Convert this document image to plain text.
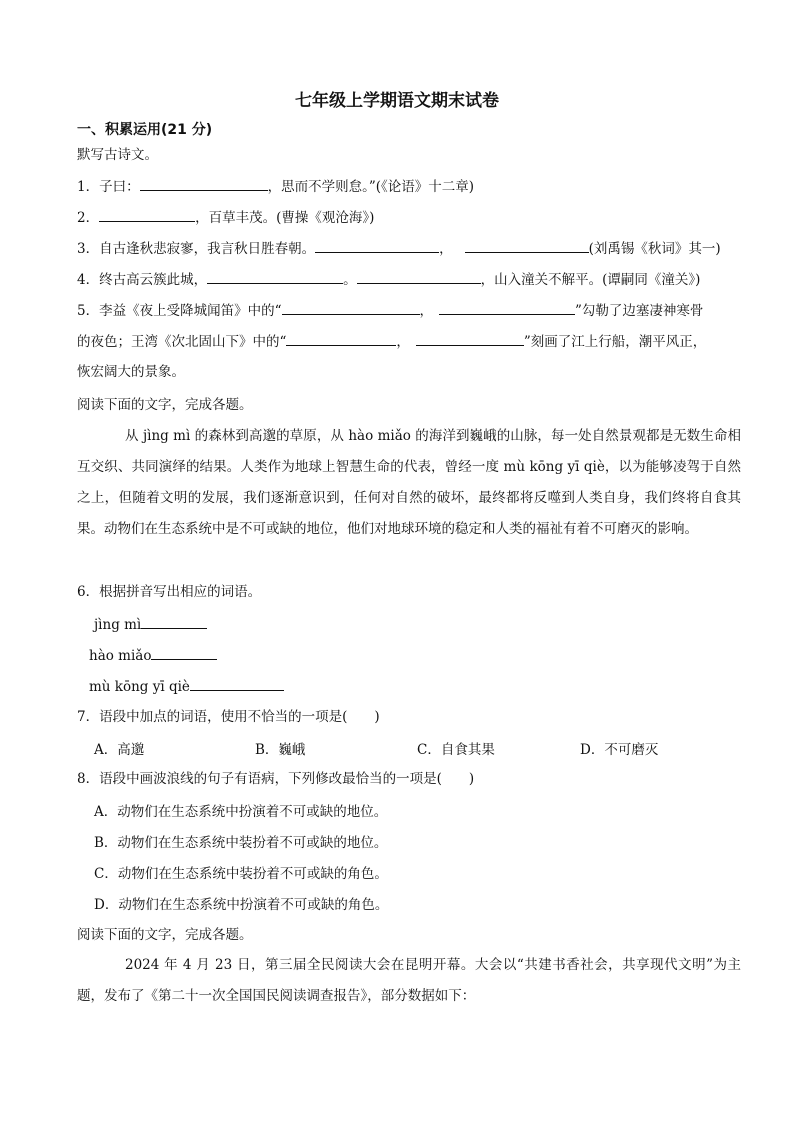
七年级上学期语文期末试卷
一、积累运用(21 分)
默写古诗文。
1．子曰：	，思而不学则怠。”(《论语》十二章)
2．	，百草丰茂。(曹操《观沧海》)
3．自古逢秋悲寂寥，我言秋日胜春朝。	，	(刘禹锡《秋词》其一)
4．终古高云簇此城，	。	，山入潼关不解平。(谭嗣同《潼关》)
5．李益《夜上受降城闻笛》中的“	，	”勾勒了边塞凄神寒骨
的夜色；王湾《次北固山下》中的“	，	”刻画了江上行船，潮平风正，
恢宏阔大的景象。
阅读下面的文字，完成各题。
从 jìng mì 的森林到高邈的草原，从 hào miǎo 的海洋到巍峨的山脉，每一处自然景观都是无数生命相互交织、共同演绎的结果。人类作为地球上智慧生命的代表，曾经一度 mù kōng yī qiè，以为能够凌驾于自然之上，但随着文明的发展，我们逐渐意识到，任何对自然的破坏，最终都将反噬到人类自身，我们终将自食其果。动物们在生态系统中是不可或缺的地位，他们对地球环境的稳定和人类的福祉有着不可磨灭的影响。
6．根据拼音写出相应的词语。
jìng mì
hào miǎo
mù kōng yī qiè
7．语段中加点的词语，使用不恰当的一项是(　　)
A．高邈	B．巍峨	C．自食其果	D．不可磨灭
8．语段中画波浪线的句子有语病，下列修改最恰当的一项是(　　)
A．动物们在生态系统中扮演着不可或缺的地位。
B．动物们在生态系统中装扮着不可或缺的地位。
C．动物们在生态系统中装扮着不可或缺的角色。
D．动物们在生态系统中扮演着不可或缺的角色。
阅读下面的文字，完成各题。
2024 年 4 月 23 日，第三届全民阅读大会在昆明开幕。大会以“共建书香社会，共享现代文明”为主题，发布了《第二十一次全国国民阅读调查报告》，部分数据如下：
